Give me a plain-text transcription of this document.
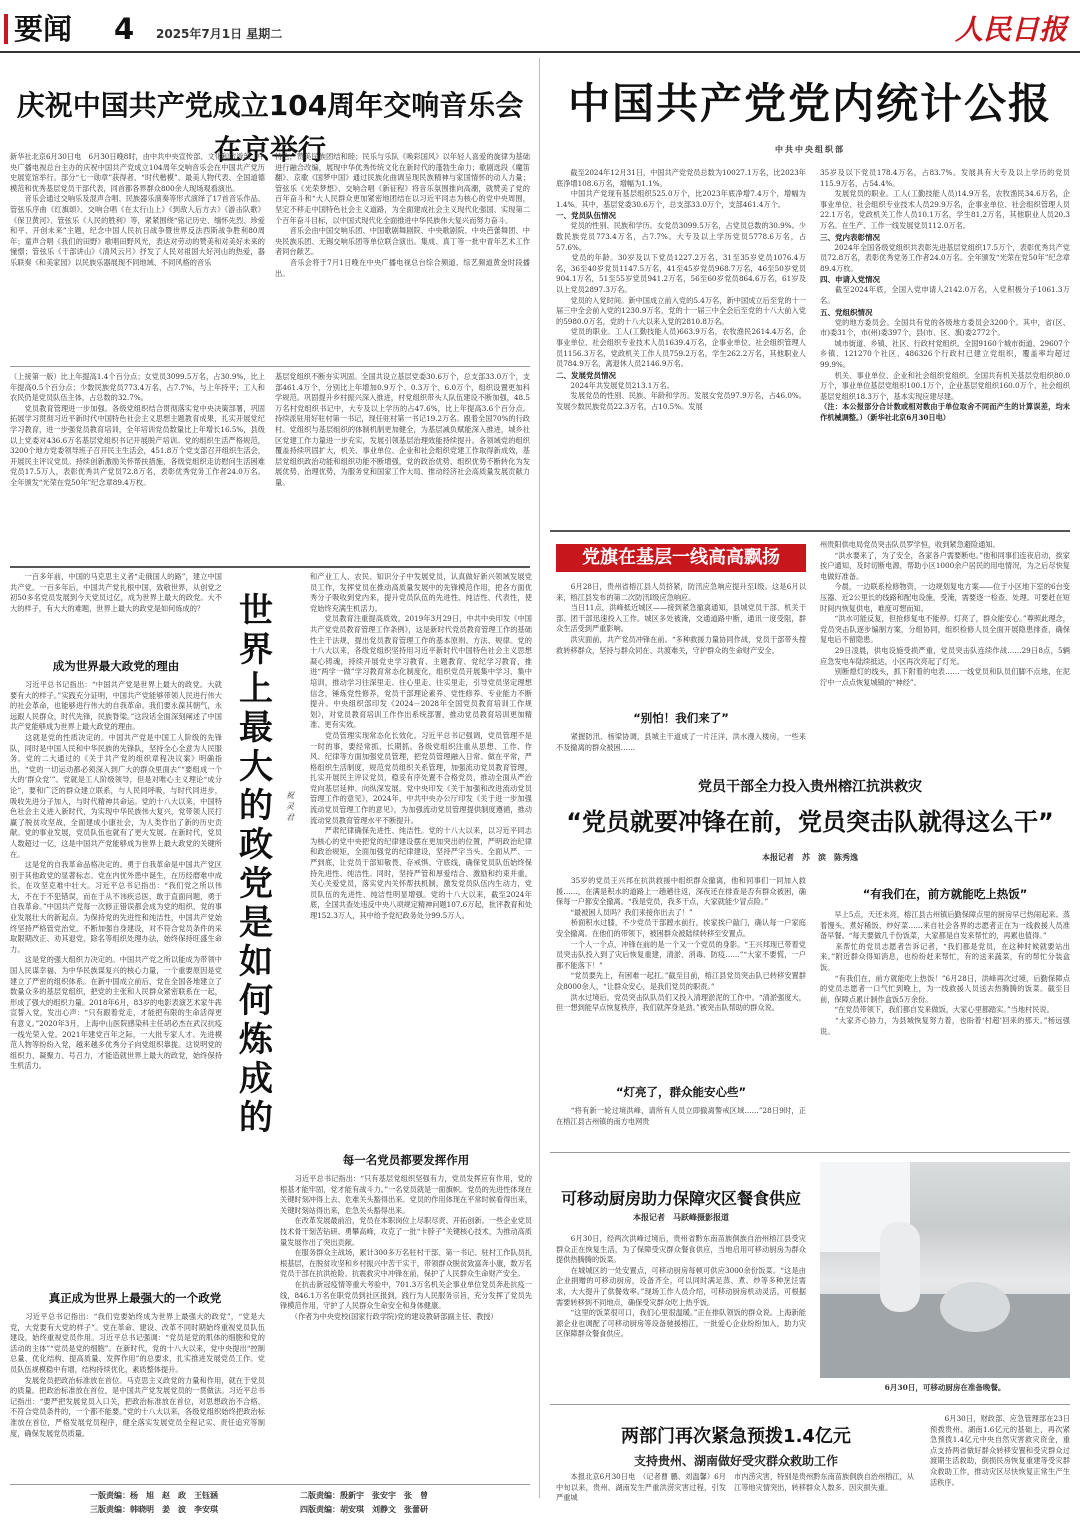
要闻 4 2025年7月1日 星期二	人民日报
庆祝中国共产党成立104周年交响音乐会在京举行
新华社北京6月30日电　6月30日晚8时，由中共中央宣传部、文化和旅游部、中央广播电视总台主办的庆祝中国共产党成立104周年交响音乐会在中国共产党历史展览馆举行。部分“七一勋章”获得者、“时代楷模”、最美人物代表、全国道德模范和优秀基层党员干部代表，同首都各界群众800余人现场观看演出。
　　音乐会通过交响乐及混声合唱、民族器乐演奏等形式演绎了17首音乐作品。管弦乐序曲《红旗颂》、交响合唱《在太行山上》《到敌人后方去》《游击队歌》《保卫黄河》、管弦乐《人民的胜利》等，紧紧围绕“铭记历史、缅怀先烈、珍爱和平、开创未来”主题，纪念中国人民抗日战争暨世界反法西斯战争胜利80周年；童声合唱《我们的田野》歌唱田野风光，表达对劳动的赞美和对美好未来的憧憬；管弦乐《干部讲山》《清风云月》抒发了人民对祖国大好河山的热爱，器乐联奏《和美家园》以民族乐器展现不同地域、不同风格的音乐
特色，赞美民族团结和睦；民乐与乐队《唤彩国风》以年轻人喜爱的旋律为基础进行融合改编，展现中华优秀传统文化在新时代的蓬勃生命力；歌剧选段《魔笛翻》、京歌《国梦中国》通过民族化曲调呈现民族精神与家国情怀的动人力量；管弦乐《光荣梦想》、交响合唱《新征程》将音乐氛围推向高潮，就赞美了党的百年奋斗和“大人民群众更加紧密地团结在以习近平同志为核心的党中央周围，坚定不移走中国特色社会主义道路，为全面建成社会主义现代化强国、实现第二个百年奋斗目标，以中国式现代化全面推进中华民族伟大复兴而努力奋斗。
　　音乐会由中国交响乐团、中国歌剧舞剧院、中央歌剧院、中央芭蕾舞团、中央民族乐团、无锡交响乐团等单位联合演出。集成、真丁等一批中青年艺术工作者同台献艺。
　　音乐会将于7月1日晚在中央广播电视总台综合频道、综艺频道黄金时段播出。
（上接第一版）比上年提高1.4个百分点；女党员3099.5万名，占30.9%，比上年提高0.5个百分点；少数民族党员773.4万名，占7.7%，与上年持平；工人和农民仍是党员队伍主体，占总数的32.7%。
　　党员教育管理进一步加强。各级党组织结合贯彻落实党中央决策部署，巩固拓展学习贯彻习近平新时代中国特色社会主义思想主题教育成果，扎实开展党纪学习教育，进一步强党员教育培训，全年培训党员数量比上年增长16.5%，县级以上党委对436.6万名基层党组织书记开展脱产培训。党的组织生活严格规范，3200个地方党委领导班子召开民主生活会，451.8万个党支部召开组织生活会，开展民主评议党员。持续创新激励关怀帮扶措施，各级党组织走访慰问生活困难党员17.5万人，表彰优秀共产党员72.8万名，表彰优秀党务工作者24.0万名。全年颁发“光荣在党50年”纪念章89.4万枚。
基层党组织不断夯实巩固。全国共设立基层党委30.6万个，总支部33.0万个，支部461.4万个，分别比上年增加0.9万个、0.3万个、6.0万个，组织设置更加科学规范。巩固提升乡村振兴深入推进，村党组织带头人队伍建设不断加强，48.5万名村党组织书记中，大专及以上学历的占47.6%，比上年提高3.6个百分点。持续派驻用好驻村第一书记，现任驻村第一书记19.2万名。跟着全国70%的行政村。党组织与基层组织的体制机制更加健全，为基层减负赋能深入推进，城乡社区党建工作力量进一步充实，发展引领基层治理效能持续提升。各领域党的组织覆盖持续巩固扩大，机关、事业单位、企业和社会组织党建工作取得新成效，基层党组织政治功能和组织功能不断增强，党的政治优势、组织优势不断转化为发展优势、治理优势，为服务党和国家工作大局、推动经济社会高质量发展贡献力量。
中国共产党党内统计公报
中共中央组织部
　　截至2024年12月31日，中国共产党党员总数为10027.1万名，比2023年底净增108.6万名，增幅为1.1%。
　　中国共产党现有基层组织525.0万个，比2023年底净增7.4万个，增幅为1.4%。其中，基层党委30.6万个，总支部33.0万个，支部461.4万个。
一、党员队伍情况
　　党员的性别、民族和学历。女党员3099.5万名，占党员总数的30.9%。少数民族党员773.4万名，占7.7%。大专及以上学历党员5778.6万名，占57.6%。
　　党员的年龄。30岁及以下党员1227.2万名，31至35岁党员1076.4万名，36至40岁党员1147.5万名，41至45岁党员968.7万名，46至50岁党员904.1万名，51至55岁党员941.2万名，56至60岁党员864.6万名，61岁及以上党员2897.3万名。
　　党员的入党时间。新中国成立前入党的5.4万名，新中国成立后至党的十一届三中全会前入党的1230.9万名，党的十一届三中全会后至党的十八大前入党的5980.0万名，党的十八大以来入党的2810.8万名。
　　党员的职业。工人(工勤技能人员)663.9万名，农牧渔民2614.4万名，企事业单位、社会组织专业技术人员1639.4万名，企事业单位、社会组织管理人员1156.3万名，党政机关工作人员759.2万名，学生262.2万名，其他职业人员784.9万名，离退休人员2146.9万名。
二、发展党员情况
　　2024年共发展党员213.1万名。
　　发展党员的性别、民族、年龄和学历。发展女党员97.9万名，占46.0%。发展少数民族党员22.3万名，占10.5%。发展
35岁及以下党员178.4万名，占83.7%。发展具有大专及以上学历的党员115.9万名，占54.4%。
　　发展党员的职业。工人(工勤技能人员)14.9万名，农牧渔民34.6万名，企事业单位、社会组织专业技术人员29.9万名，企事业单位、社会组织管理人员22.1万名，党政机关工作人员10.1万名，学生81.2万名，其他职业人员20.3万名。在生产、工作一线发展党员112.0万名。
三、党内表彰情况
　　2024年全国各级党组织共表彰先进基层党组织17.5万个，表彰优秀共产党员72.8万名，表彰优秀党务工作者24.0万名。全年颁发“光荣在党50年”纪念章89.4万枚。
四、申请入党情况
　　截至2024年底，全国入党申请人2142.0万名，入党积极分子1061.3万名。
五、党组织情况
　　党的地方委员会。全国共有党的各级地方委员会3200个。其中，省(区、市)委31个，市(州)委397个，县(市、区、旗)委2772个。
　　城市街道、乡镇、社区、行政村党组织。全国9160个城市街道、29607个乡镇、121270个社区、486326个行政村已建立党组织，覆盖率均超过99.9%。
　　机关、事业单位、企业和社会组织党组织。全国共有机关基层党组织80.0万个，事业单位基层党组织100.1万个，企业基层党组织160.0万个，社会组织基层党组织18.3万个，基本实现应建尽建。
（注：本公报部分合计数或相对数由于单位取舍不同而产生的计算误差，均未作机械调整。）（新华社北京6月30日电）
　　一百多年前，中国的马克思主义者“走俄国人的路”，建立中国共产党。一百多年后，中国共产党扎根中国，致敬世界，从创党之初50多名党员发展到今天党员过亿，成为世界上最大的政党。大不大的样子，有大大的难题，世界上最大的政党是如何炼成的？
成为世界最大政党的理由
　　习近平总书记指出：“中国共产党是世界上最大的政党。大就要有大的样子。”实践充分证明，中国共产党能够带领人民进行伟大的社会革命，也能够进行伟大的自我革命。我们要永葆其朝气，永远跟人民群众，时代先锋，民族脊梁。”这段话全面深刻阐述了中国共产党能够成为世界上最大政党的理由。
　　这就是党的性质决定的。中国共产党是中国工人阶级的先锋队，同时是中国人民和中华民族的先锋队，坚持全心全意为人民服务。党的二大通过的《关于共产党的组织章程决议案》明确指出，“党的一切运动都必须深入到广大的群众里面去”“要组成一个大的‘群众党’”。党就是工人阶级领导，但是对唯心主义理论“成分论”，要和广泛的群众建立联系，与人民同呼吸，与时代同进步，吸收先进分子加入，与时代精神共命运。党的十八大以来，中国特色社会主义进入新时代，为实现中华民族伟大复兴，党带领人民打赢了脱贫攻坚战，全面建成小康社会，为人类作出了新的历史贡献。党的事业发展，党员队伍也就有了更大发展。在新时代，党员人数超过一亿，这是中国共产党能够成为世界上最大政党的关键所在。
　　这是党的自我革命品格决定的。勇于自我革命是中国共产党区别于其他政党的显著标志。党在内忧外患中诞生，在历经磨难中成长，在攻坚克难中壮大。习近平总书记指出：“我们党之所以伟大，不在于不犯错误，而在于从不讳疾忌医，敢于直面问题，勇于自我革命。”中国共产党每一次修正错误都会成为党的组织、党的事业发展壮大的新起点。为保持党的先进性和纯洁性，中国共产党始终坚持严格管党治党，不断加强自身建设，对不符合党员条件的采取限期改正、劝其退党、除名等组织处理办法，始终保持旺盛生命力。
　　这是党的强大组织力决定的。中国共产党之所以能成为带领中国人民谋幸福、为中华民族谋复兴的核心力量，一个重要原因是党建立了严密的组织体系。在新中国成立前后，党在全国各地建立了数量众多的基层党组织，把党的主张和人民群众紧密联系在一起，形成了强大的组织力量。2018年6月，83岁的电影表演艺术家牛犇宣誓入党，发出心声：“只有跟着党走，才能把有限的生命活得更有意义。”2020年3月，上海中山医院感染科主任胡必杰在武汉抗疫一线光荣入党。2021年建党百年之际，一大批专家人才、先进模范人物等纷纷入党，越来越多优秀分子向党组织靠拢。这说明党的组织力、凝聚力、号召力，才能造就世界上最大的政党，始终保持生机活力。
真正成为世界上最强大的一个政党
　　习近平总书记指出：“我们党要始终成为世界上最强大的政党”，“党是大党，大党要有大党的样子”。党在革命、建设、改革不同时期始终重视党员队伍建设，始终重视党员作用。习近平总书记强调：“党员是党的肌体的细胞和党的活动的主体”“党员是党的细胞”。在新时代，党的十八大以来，党中央提出“控制总量、优化结构、提高质量、发挥作用”的总要求，扎实推进发展党员工作。党员队伍规模稳中有增，结构持续优化，素质整体提升。
　　发展党员把政治标准放在首位。马克思主义政党的力量和作用，就在于党员的质量。把政治标准放在首位，是中国共产党发展党员的一贯做法。习近平总书记指出：“要严把发展党员入口关，把政治标准放在首位，对思想政治不合格、不符合党员条件的，一个都不能要。”党的十八大以来，各级党组织始终把政治标准放在首位，严格发展党员程序，健全落实发展党员全程记实、责任追究等制度，确保发展党员质量。
世界上最大的政党是如何炼成的
祝灵君
和产业工人、农民、知识分子中发展党员，认真做好新兴领域发展党员工作，发挥党员在推动高质量发展中的先锋模范作用，把各方面优秀分子吸收到党内来，提升党员队伍的先进性、纯洁性、代表性，使党始终充满生机活力。
　　党员教育注重提高质效。2019年3月29日，中共中央印发《中国共产党党员教育管理工作条例》，这是新时代党员教育管理工作的基础性主干法规，提出党员教育管理工作的基本原则、方法、规律。党的十八大以来，各级党组织坚持用习近平新时代中国特色社会主义思想凝心铸魂，持续开展党史学习教育、主题教育、党纪学习教育，推进“两学一做”学习教育常态化制度化，组织党员开展集中学习、集中培训，推动学习往深里走、往心里走、往实里走，引导党员坚定理想信念，锤炼党性修养，党员干部理论素养、党性修养、专业能力不断提升。中央组织部印发《2024－2028年全国党员教育培训工作规划》，对党员教育培训工作作出系统部署，推动党员教育培训更加精准、更有实效。
　　党员管理实现常态化长效化。习近平总书记强调，党员管理不是一时的事，要经常抓、长期抓。各级党组织注重从思想、工作、作风、纪律等方面加强党员管理，把党员管理融入日常、做在平常，严格组织生活制度，规范党员组织关系管理，加强流动党员教育管理，扎实开展民主评议党员，稳妥有序处置不合格党员，推动全面从严治党向基层延伸、向纵深发展。党中央印发《关于加强和改进流动党员管理工作的意见》，2024年，中共中央办公厅印发《关于进一步加强流动党员管理工作的意见》，为加强流动党员管理提供制度遵循，推动流动党员教育管理水平不断提升。
　　严肃纪律确保先进性、纯洁性。党的十八大以来，以习近平同志为核心的党中央把党的纪律建设摆在更加突出的位置，严明政治纪律和政治规矩，全面加强党的纪律建设，坚持严字当头、全面从严、一严到底，让党员干部知敬畏、存戒惧、守底线，确保党员队伍始终保持先进性、纯洁性。同时，坚持严管和厚爱结合、激励和约束并重，关心关爱党员，落实党内关怀帮扶机制，激发党员队伍内生动力，党员队伍的先进性、纯洁性明显增强。党的十八大以来，截至2024年底，全国共查处违反中央八项规定精神问题107.6万起，批评教育和处理152.3万人，其中给予党纪政务处分99.5万人。
每一名党员都要发挥作用
　　习近平总书记指出：“只有基层党组织坚强有力，党员发挥应有作用，党的根基才能牢固，党才能有战斗力。”一名党员就是一面旗帜。党员的先进性体现在关键时刻冲得上去、危难关头豁得出来。党员的作用体现在平常时候看得出来，关键时刻站得出来，危急关头豁得出来。
　　在改革发展最前沿，党员在本职岗位上尽职尽责、开拓创新。一些企业党员技术骨干刻苦钻研、勇攀高峰，攻克了一批“卡脖子”关键核心技术，为推动高质量发展作出了突出贡献。
　　在服务群众主战场，累计300多万名驻村干部、第一书记、驻村工作队员扎根基层，在脱贫攻坚和乡村振兴中苦干实干，带领群众脱贫致富奔小康，数万名党员干部在抗洪抢险、抗震救灾中冲锋在前，保护了人民群众生命财产安全。
　　在抗击新冠疫情等重大考验中，701.3万名机关企事业单位党员奔赴抗疫一线，846.1万名在职党员到社区报到，践行为人民服务宗旨，充分发挥了党员先锋模范作用，守护了人民群众生命安全和身体健康。
　　（作者为中央党校(国家行政学院)党的建设教研部副主任、教授）
党旗在基层一线高高飘扬
　　6月28日，贵州省榕江县人员挤紧，防汛应急响应提升至Ⅰ级。这是6月以来，榕江县发布的第二次防汛Ⅰ级应急响应。
　　当日11点，洪峰抵近城区——接到紧急撤离通知，县城党员干部、机关干部、团干部迅速投入工作。城区多处被淹，交通道路中断，通讯一度受阻，群众生活受到严重影响。
　　洪灾面前，共产党员冲锋在前。“多种救援力量协同作战，党员干部带头搜救转移群众，坚持与群众同在、共渡难关，守护群众的生命财产安全。
“别怕！我们来了”
　　紧握防汛、杨梁协调，县城主干道成了一片汪洋，洪水漫入楼房，一些来不及撤离的群众被困……
州贵阳供电局党员突击队员罗学恒，收到紧急避险通知。
　　“洪水要来了，为了安全，各家各户需要断电。”他和同事们连夜启动，挨家挨户通知，及时切断电源，帮助小区1000余户居民的用电情况，为之后尽快复电做好准备。
　　今晨，一边联系检修物资，一边规划复电方案——位于小区地下室的6台变压器、近2公里长的线路和配电设施，受淹，需要逐一检查、处理。可要赶在短时间内恢复供电，难度可想而知。
　　“洪水可能反复，但抢修复电不能停。灯亮了，群众能安心。”尊照此理念，党员突击队逐步编制方案，分组协同，组织检修人员全面开展隐患排查，确保复电后不留隐患。
　　29日凌晨，供电设施受损严重，党员突击队连续作战……29日8点，5辆应急发电车陆续抵达，小区再次亮起了灯光。
　　别断熄灯的线头，抓下附着的电表……一线党员和队员们脚不点地，在泥泞中一点点恢复城镇的“神经”。
党员干部全力投入贵州榕江抗洪救灾
“党员就要冲锋在前，党员突击队就得这么干”
本报记者　苏　滨　陈秀逸
　　35岁的党员王兴邦在抗洪救援中组织群众撤离，他和同事们一同加入救援……，在满是积水的道路上一趟趟往返，深夜还在排查是否有群众被困，确保每一户都安全撤离。“我是党员，我多干点，大家就能少冒点险。”
　　“最被困人员吗？我们来接你出去了！”
　　桥面积水过膝，不少党员干部蹚水前行，挨家挨户敲门，确认每一户家庭安全撤离。在他们的带领下，被困群众被陆续转移至安置点。
　　一个人一个点，冲锋在前的是一个又一个党员的身影。“王兴邦现已带着党员突击队投入到了灾后恢复重建，清淤、消毒、防疫……”“大家不要慌，一户都不能落下！”
　　“党员要先上，有困难一起扛。”截至目前，榕江县党员突击队已转移安置群众8000余人，“让群众安心，是我们党员的职责。”
　　洪水过境后，党员突击队队员们又投入清理淤泥的工作中。“清淤强度大，但一想到能早点恢复秩序，我们就浑身是劲。”被突击队帮助的群众说。
“灯亮了，群众能安心些”
　　“将有新一轮过境洪峰，请所有人员立即撤离警戒区域……”28日9时，正在榕江县古州镇的南方电网贵
“有我们在，前方就能吃上热饭”
　　早上5点，天还未亮，榕江县古州镇后勤保障点里的厨房早已热闹起来。蒸着馒头、煮好稀饭、炒好菜……来自社会各界的志愿者正在为一线救援人员准备早餐。“每天要做几千份饭菜，大家都是自发来帮忙的，再累也值得。”
　　来帮忙的党员志愿者告诉记者，“我们都是党员，在这种时候就要站出来。”附近群众得知消息，也纷纷赶来帮忙，有的送来蔬菜，有的帮忙分装盒饭。
　　“有我们在，前方就能吃上热饭！”6月28日，洪峰再次过境，后勤保障点的党员志愿者一口气忙到晚上，为一线救援人员送去热腾腾的饭菜。截至目前，保障点累计制作盒饭5万余份。
　　“在党员带领下，我们都自发来做饭，大家心里都踏实。”当地村民说。
　　“大家齐心协力，为县城恢复努力着，也盼着‘村超’回来的那天。”杨远强说。
可移动厨房助力保障灾区餐食供应
本报记者　马跃峰摄影报道
　　6月30日，经两次洪峰过境后，贵州省黔东南苗族侗族自治州榕江县受灾群众正在恢复生活，为了保障受灾群众餐食供应，当地启用可移动厨房为群众提供热腾腾的饭菜。
　　在城城区的一处安置点，可移动厨房每顿可供应3000余份饭菜。“这是由企业捐赠的可移动厨房，设备齐全，可以同时满足蒸、煮、炒等多种烹饪需求，大大提升了供餐效率。”现场工作人员介绍，可移动厨房机动灵活，可根据需要转移到不同地点，确保受灾群众吃上热乎饭。
　　“这里的饭菜很可口，我们心里很温暖。”正在排队领饭的群众说。上海新能源企业也调配了可移动厨房等设备驰援榕江，一批爱心企业纷纷加入，助力灾区保障群众餐食供应。
6月30日，可移动厨房在准备晚餐。
两部门再次紧急预拨1.4亿元
支持贵州、湖南做好受灾群众救助工作
　　本报北京6月30日电　（记者曹 鹏、刘温馨）6月中旬以来，贵州、湖南发生严重洪涝灾害过程，引发严重城
市内涝灾害，特别是贵州黔东南苗族侗族自治州榕江，从江等地灾情突出，转移群众人数多、因灾损失重。
　　6月30日，财政部、应急管理部在23日预拨贵州、湖南1.6亿元的基础上，再次紧急预拨1.4亿元中央自然灾害救灾资金，重点支持两省做好群众转移安置和受灾群众过渡期生活救助，倒损民房恢复重建等受灾群众救助工作，推动灾区尽快恢复正常生产生活秩序。
一版责编：杨　旭　赵　政　王钰涵
三版责编：韩晓明　姜　波　李安琪
二版责编：殷新宇　张安宇　张　曾
四版责编：胡安琪　刘静文　张蕾研
